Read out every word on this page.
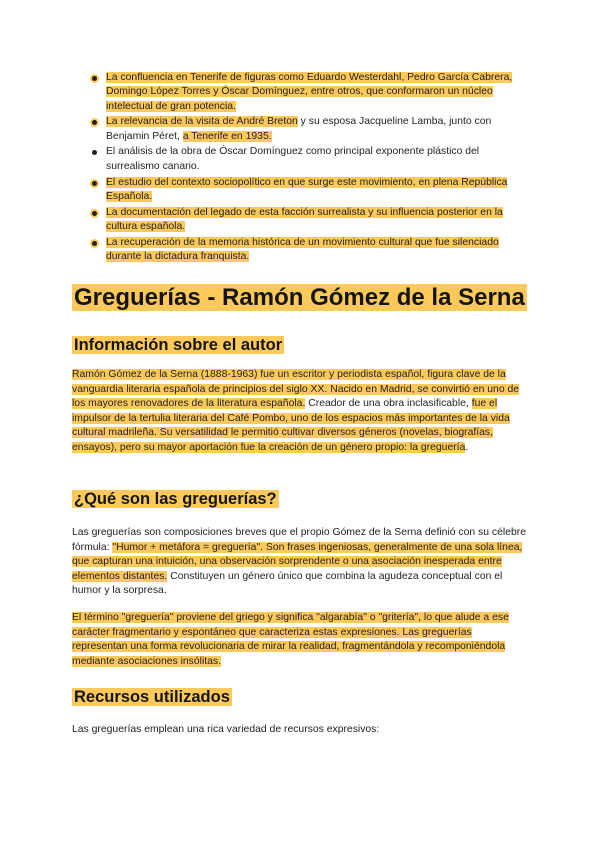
La confluencia en Tenerife de figuras como Eduardo Westerdahl, Pedro García Cabrera, Domingo López Torres y Óscar Domínguez, entre otros, que conformaron un núcleo intelectual de gran potencia.
La relevancia de la visita de André Breton y su esposa Jacqueline Lamba, junto con Benjamin Péret, a Tenerife en 1935.
El análisis de la obra de Óscar Domínguez como principal exponente plástico del surrealismo canario.
El estudio del contexto sociopolítico en que surge este movimiento, en plena República Española.
La documentación del legado de esta facción surrealista y su influencia posterior en la cultura española.
La recuperación de la memoria histórica de un movimiento cultural que fue silenciado durante la dictadura franquista.
Greguerías - Ramón Gómez de la Serna
Información sobre el autor

Ramón Gómez de la Serna (1888-1963) fue un escritor y periodista español, figura clave de la vanguardia literaria española de principios del siglo XX. Nacido en Madrid, se convirtió en uno de los mayores renovadores de la literatura española. Creador de una obra inclasificable, fue el impulsor de la tertulia literaria del Café Pombo, uno de los espacios más importantes de la vida cultural madrileña. Su versatilidad le permitió cultivar diversos géneros (novelas, biografías, ensayos), pero su mayor aportación fue la creación de un género propio: la greguería.

¿Qué son las greguerías?

Las greguerías son composiciones breves que el propio Gómez de la Serna definió con su célebre fórmula: "Humor + metáfora = greguería". Son frases ingeniosas, generalmente de una sola línea, que capturan una intuición, una observación sorprendente o una asociación inesperada entre elementos distantes. Constituyen un género único que combina la agudeza conceptual con el humor y la sorpresa.

El término "greguería" proviene del griego y significa "algarabía" o "gritería", lo que alude a ese carácter fragmentario y espontáneo que caracteriza estas expresiones. Las greguerías representan una forma revolucionaria de mirar la realidad, fragmentándola y recomponiéndola mediante asociaciones insólitas.

Recursos utilizados

Las greguerías emplean una rica variedad de recursos expresivos:
